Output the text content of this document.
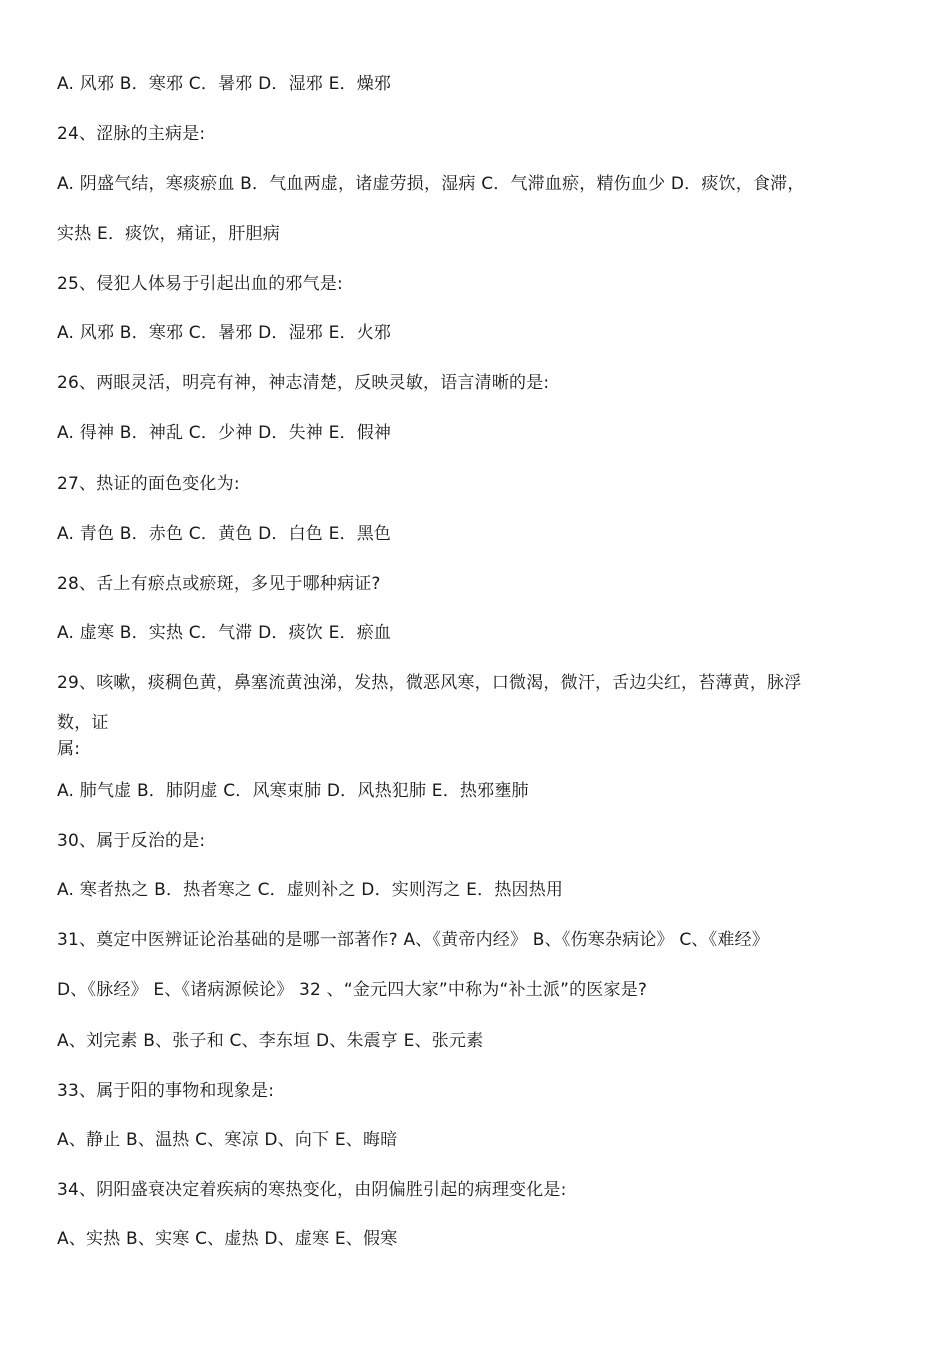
A. 风邪 B．寒邪 C．暑邪 D．湿邪 E．燥邪
24、涩脉的主病是:
A. 阴盛气结，寒痰瘀血 B．气血两虚，诸虚劳损，湿病 C．气滞血瘀，精伤血少 D．痰饮，食滞，
实热 E．痰饮，痛证，肝胆病
25、侵犯人体易于引起出血的邪气是:
A. 风邪 B．寒邪 C．暑邪 D．湿邪 E．火邪
26、两眼灵活，明亮有神，神志清楚，反映灵敏，语言清晰的是:
A. 得神 B．神乱 C．少神 D．失神 E．假神
27、热证的面色变化为:
A. 青色 B．赤色 C．黄色 D．白色 E．黑色
28、舌上有瘀点或瘀斑，多见于哪种病证?
A. 虚寒 B．实热 C．气滞 D．痰饮 E．瘀血
29、咳嗽，痰稠色黄，鼻塞流黄浊涕，发热，微恶风寒，口微渴，微汗，舌边尖红，苔薄黄，脉浮
数，证
属:
A. 肺气虚 B．肺阴虚 C．风寒束肺 D．风热犯肺 E．热邪壅肺
30、属于反治的是:
A. 寒者热之 B．热者寒之 C．虚则补之 D．实则泻之 E．热因热用
31、奠定中医辨证论治基础的是哪一部著作? A、《黄帝内经》 B、《伤寒杂病论》 C、《难经》
D、《脉经》 E、《诸病源候论》 32 、“金元四大家”中称为“补土派”的医家是?
A、刘完素 B、张子和 C、李东垣 D、朱震亨 E、张元素
33、属于阳的事物和现象是:
A、静止 B、温热 C、寒凉 D、向下 E、晦暗
34、阴阳盛衰决定着疾病的寒热变化，由阴偏胜引起的病理变化是:
A、实热 B、实寒 C、虚热 D、虚寒 E、假寒
